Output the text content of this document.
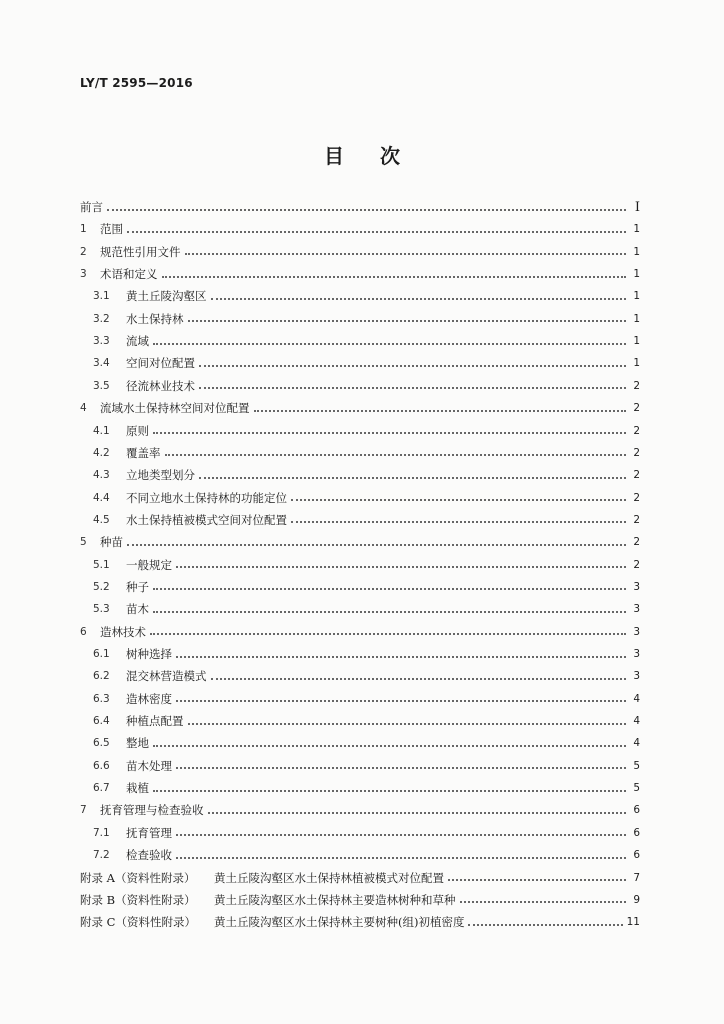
LY/T 2595—2016
目 次
前言	Ⅰ
1	范围	1
2	规范性引用文件	1
3	术语和定义	1
3.1	黄土丘陵沟壑区	1
3.2	水土保持林	1
3.3	流域	1
3.4	空间对位配置	1
3.5	径流林业技术	2
4	流域水土保持林空间对位配置	2
4.1	原则	2
4.2	覆盖率	2
4.3	立地类型划分	2
4.4	不同立地水土保持林的功能定位	2
4.5	水土保持植被模式空间对位配置	2
5	种苗	2
5.1	一般规定	2
5.2	种子	3
5.3	苗木	3
6	造林技术	3
6.1	树种选择	3
6.2	混交林营造模式	3
6.3	造林密度	4
6.4	种植点配置	4
6.5	整地	4
6.6	苗木处理	5
6.7	栽植	5
7	抚育管理与检查验收	6
7.1	抚育管理	6
7.2	检查验收	6
附录 A（资料性附录）	黄土丘陵沟壑区水土保持林植被模式对位配置	7
附录 B（资料性附录）	黄土丘陵沟壑区水土保持林主要造林树种和草种	9
附录 C（资料性附录）	黄土丘陵沟壑区水土保持林主要树种(组)初植密度	11
